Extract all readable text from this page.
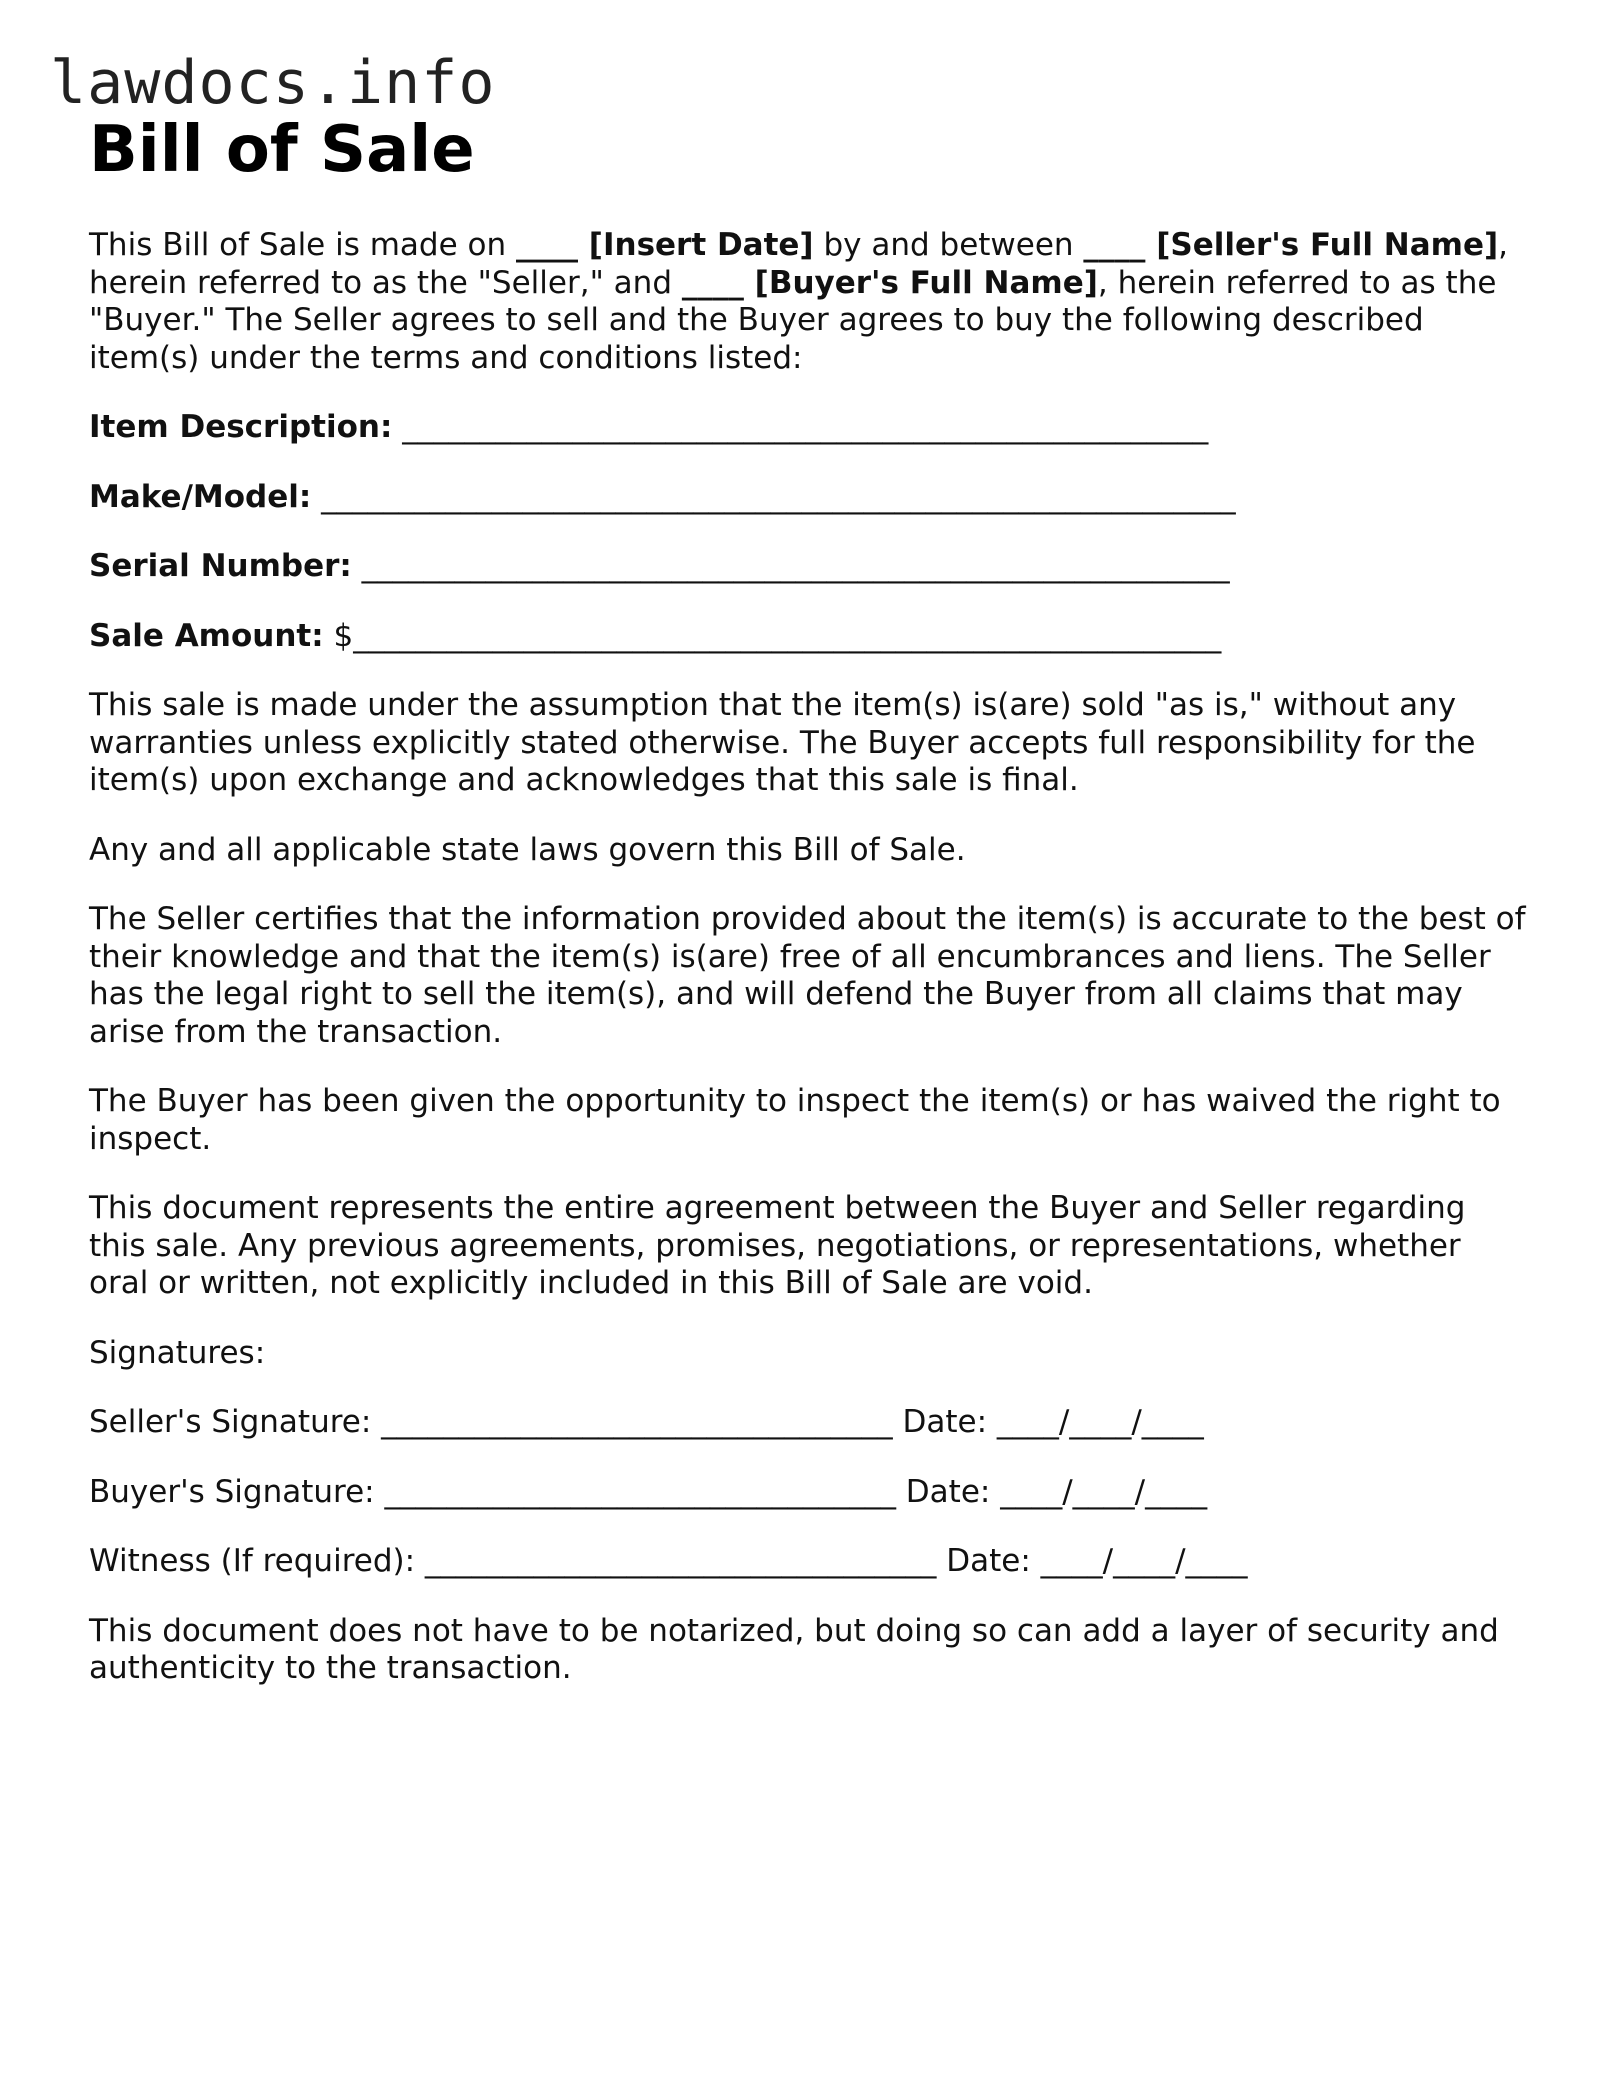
lawdocs.info
Bill of Sale

This Bill of Sale is made on ____ [Insert Date] by and between ____ [Seller's Full Name], herein referred to as the "Seller," and ____ [Buyer's Full Name], herein referred to as the "Buyer." The Seller agrees to sell and the Buyer agrees to buy the following described item(s) under the terms and conditions listed:

Item Description: ____________________________________________________
Make/Model: ___________________________________________________________
Serial Number: ________________________________________________________
Sale Amount: $________________________________________________________

This sale is made under the assumption that the item(s) is(are) sold "as is," without any warranties unless explicitly stated otherwise. The Buyer accepts full responsibility for the item(s) upon exchange and acknowledges that this sale is final.

Any and all applicable state laws govern this Bill of Sale.

The Seller certifies that the information provided about the item(s) is accurate to the best of their knowledge and that the item(s) is(are) free of all encumbrances and liens. The Seller has the legal right to sell the item(s), and will defend the Buyer from all claims that may arise from the transaction.

The Buyer has been given the opportunity to inspect the item(s) or has waived the right to inspect.

This document represents the entire agreement between the Buyer and Seller regarding this sale. Any previous agreements, promises, negotiations, or representations, whether oral or written, not explicitly included in this Bill of Sale are void.

Signatures:

Seller's Signature: _________________________________ Date: ____/____/____
Buyer's Signature: _________________________________ Date: ____/____/____
Witness (If required): _________________________________ Date: ____/____/____

This document does not have to be notarized, but doing so can add a layer of security and authenticity to the transaction.
